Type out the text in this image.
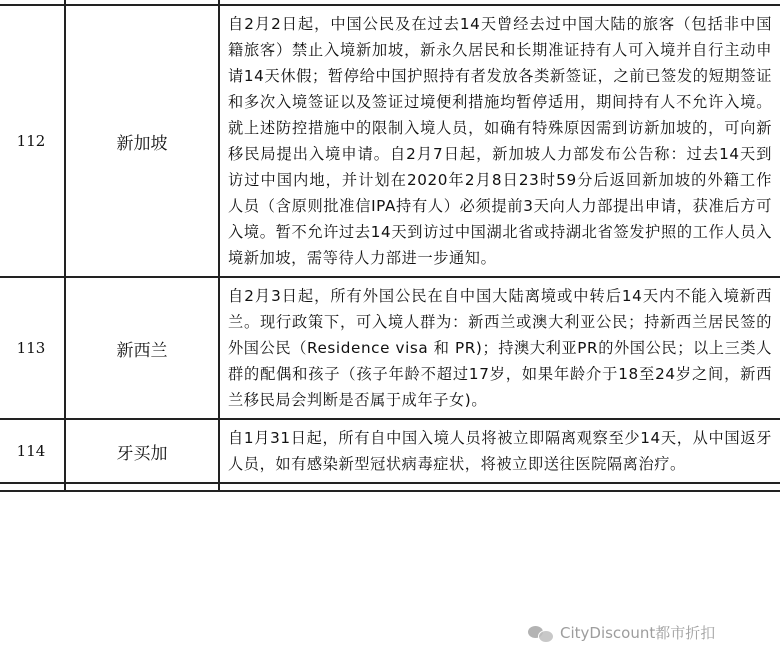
112	新加坡	自2月2日起，中国公民及在过去14天曾经去过中国大陆的旅客（包括非中国籍旅客）禁止入境新加坡，新永久居民和长期准证持有人可入境并自行主动申请14天休假；暂停给中国护照持有者发放各类新签证，之前已签发的短期签证和多次入境签证以及签证过境便利措施均暂停适用，期间持有人不允许入境。就上述防控措施中的限制入境人员，如确有特殊原因需到访新加坡的，可向新移民局提出入境申请。自2月7日起，新加坡人力部发布公告称：过去14天到访过中国内地，并计划在2020年2月8日23时59分后返回新加坡的外籍工作人员（含原则批准信IPA持有人）必须提前3天向人力部提出申请，获准后方可入境。暂不允许过去14天到访过中国湖北省或持湖北省签发护照的工作人员入境新加坡，需等待人力部进一步通知。
113	新西兰	自2月3日起，所有外国公民在自中国大陆离境或中转后14天内不能入境新西兰。现行政策下，可入境人群为：新西兰或澳大利亚公民；持新西兰居民签的外国公民（Residence visa 和 PR)；持澳大利亚PR的外国公民；以上三类人群的配偶和孩子（孩子年龄不超过17岁，如果年龄介于18至24岁之间，新西兰移民局会判断是否属于成年子女)。
114	牙买加	自1月31日起，所有自中国入境人员将被立即隔离观察至少14天，从中国返牙人员，如有感染新型冠状病毒症状，将被立即送往医院隔离治疗。

CityDiscount都市折扣
